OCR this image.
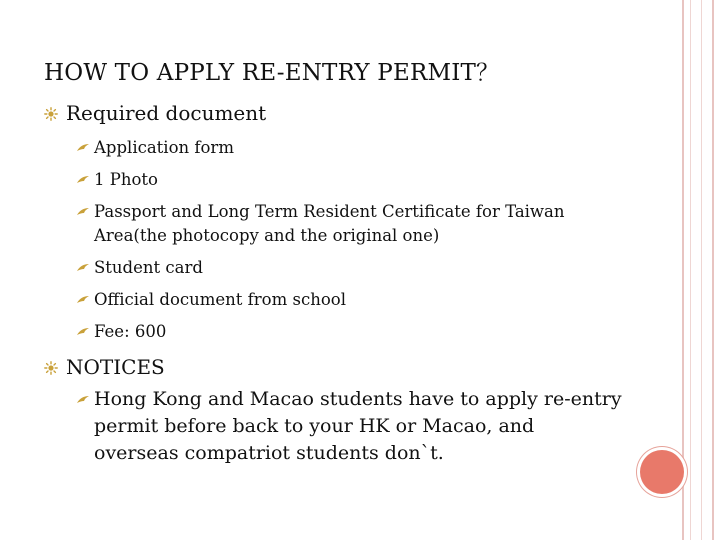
HOW TO APPLY RE-ENTRY PERMIT？
Required document
Application form
1 Photo
Passport and Long Term Resident Certificate for Taiwan Area(the photocopy and the original one)
Student card
Official document from school
Fee: 600
NOTICES
Hong Kong and Macao students have to apply re-entry permit before back to your HK or Macao, and overseas compatriot students don`t.
